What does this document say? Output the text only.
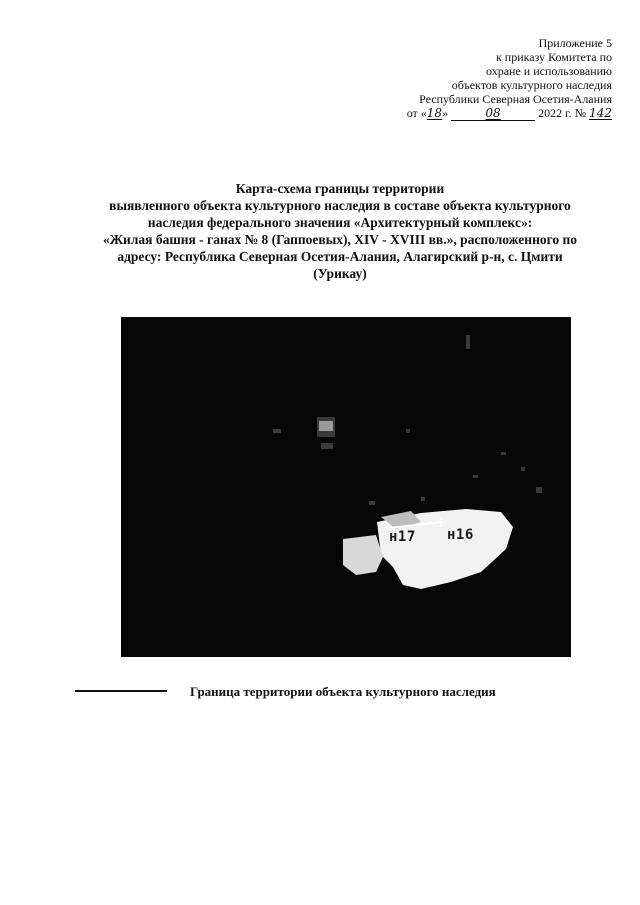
Приложение 5
к приказу Комитета по
охране и использованию
объектов культурного наследия
Республики Северная Осетия-Алания
от «18»	08	2022 г. № 142
Карта-схема границы территории
выявленного объекта культурного наследия в составе объекта культурного
наследия федерального значения «Архитектурный комплекс»:
«Жилая башня - ганах № 8 (Гаппоевых), XIV - XVIII вв.», расположенного по
адресу: Республика Северная Осетия-Алания, Алагирский р-н, с. Цмити
(Урикау)
н17 н16
Граница территории объекта культурного наследия
